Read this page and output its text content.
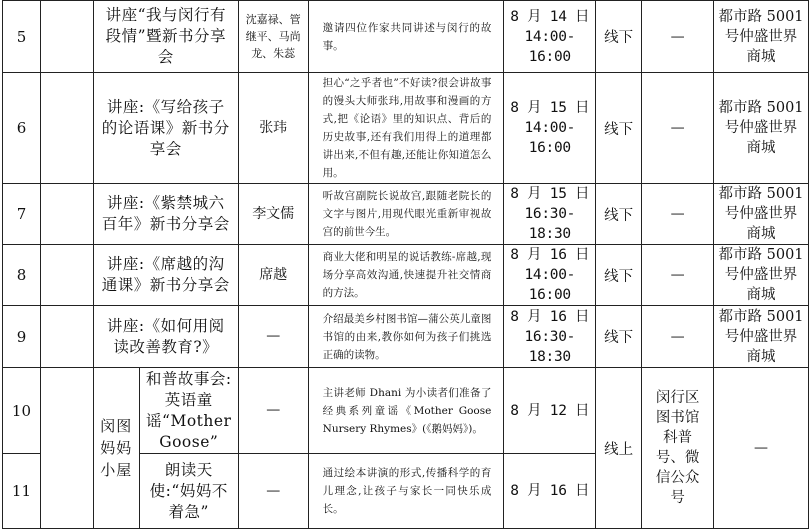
5		讲座“我与闵行有段情”暨新书分享会		沈嘉禄、管继平、马尚龙、朱蕊	邀请四位作家共同讲述与闵行的故事。	8 月 14 日
14:00-16:00	线下	—	都市路 5001 号仲盛世界商城
6		讲座:《写给孩子的论语课》新书分享会		张玮	担心“之乎者也”不好读?很会讲故事的馒头大师张玮,用故事和漫画的方式,把《论语》里的知识点、背后的历史故事,还有我们用得上的道理都讲出来,不但有趣,还能让你知道怎么用。	8 月 15 日
14:00-16:00	线下	—	都市路 5001 号仲盛世界商城
7		讲座:《紫禁城六百年》新书分享会		李文儒	听故宫副院长说故宫,跟随老院长的文字与图片,用现代眼光重新审视故宫的前世今生。	8 月 15 日
16:30-18:30	线下	—	都市路 5001 号仲盛世界商城
8		讲座:《席越的沟通课》新书分享会		席越	商业大佬和明星的说话教练-席越,现场分享高效沟通,快速提升社交情商的方法。	8 月 16 日
14:00-16:00	线下	—	都市路 5001 号仲盛世界商城
9		讲座:《如何用阅读改善教育?》		—	介绍最美乡村图书馆—蒲公英儿童图书馆的由来,教你如何为孩子们挑选正确的读物。	8 月 16 日
16:30-18:30	线下	—	都市路 5001 号仲盛世界商城
10		闵图妈妈小屋	和普故事会:英语童谣“Mother Goose”	—	主讲老师 Dhani 为小读者们准备了经典系列童谣《Mother Goose Nursery Rhymes》(《鹅妈妈》)。	8 月 12 日	线上	闵行区图书馆科普号、微信公众号	—
11			朗读天使:“妈妈不着急”	—	通过绘本讲演的形式,传播科学的育儿理念,让孩子与家长一同快乐成长。	8 月 16 日			
